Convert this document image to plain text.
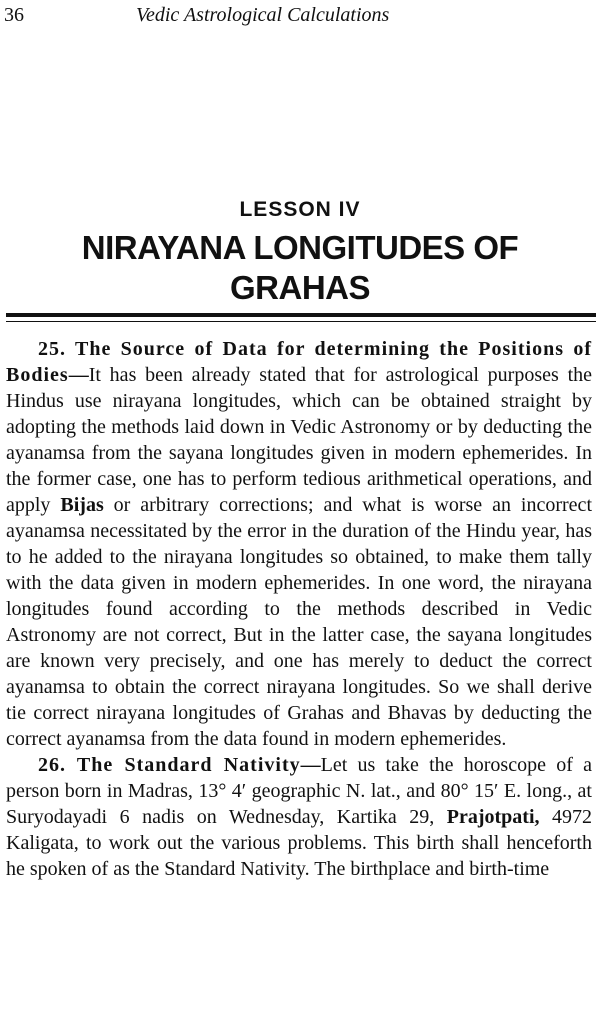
36	Vedic Astrological Calculations
LESSON IV
NIRAYANA LONGITUDES OF GRAHAS

25. The Source of Data for determining the Positions of Bodies—It has been already stated that for astrological purposes the Hindus use nirayana longitudes, which can be obtained straight by adopting the methods laid down in Vedic Astronomy or by deducting the ayanamsa from the sayana longitudes given in modern ephemerides. In the former case, one has to perform tedious arithmetical operations, and apply Bijas or arbitrary corrections; and what is worse an incorrect ayanamsa necessitated by the error in the duration of the Hindu year, has to he added to the nirayana longitudes so obtained, to make them tally with the data given in modern ephemerides. In one word, the nirayana longitudes found according to the methods described in Vedic Astronomy are not correct, But in the latter case, the sayana longitudes are known very precisely, and one has merely to deduct the correct ayanamsa to obtain the correct nirayana longitudes. So we shall derive tie correct nirayana longitudes of Grahas and Bhavas by deducting the correct ayanamsa from the data found in modern ephemerides.

26. The Standard Nativity—Let us take the horoscope of a person born in Madras, 13° 4′ geographic N. lat., and 80° 15′ E. long., at Suryodayadi 6 nadis on Wednesday, Kartika 29, Prajotpati, 4972 Kaligata, to work out the various problems. This birth shall henceforth he spoken of as the Standard Nativity. The birthplace and birth-time
